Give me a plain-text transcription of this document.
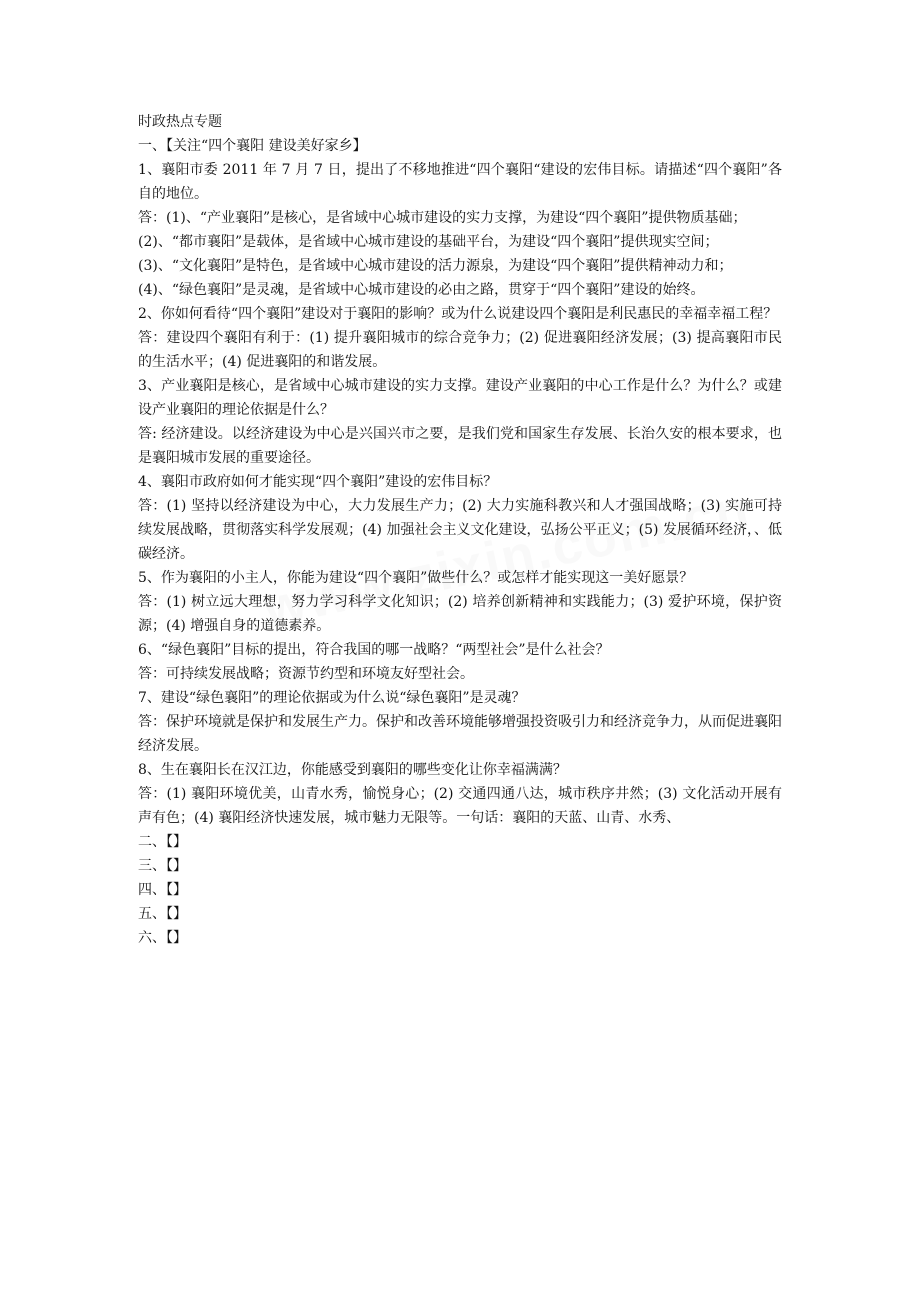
时政热点专题

一、【关注“四个襄阳 建设美好家乡】

1、襄阳市委 2011 年 7 月 7 日，提出了不移地推进“四个襄阳“建设的宏伟目标。请描述“四个襄阳”各自的地位。

答：(1)、“产业襄阳”是核心，是省域中心城市建设的实力支撑，为建设“四个襄阳”提供物质基础；

(2)、“都市襄阳”是载体，是省域中心城市建设的基础平台，为建设“四个襄阳”提供现实空间；

(3)、“文化襄阳”是特色，是省域中心城市建设的活力源泉，为建设“四个襄阳”提供精神动力和；

(4)、“绿色襄阳”是灵魂，是省域中心城市建设的必由之路，贯穿于“四个襄阳”建设的始终。

2、你如何看待“四个襄阳”建设对于襄阳的影响？或为什么说建设四个襄阳是利民惠民的幸福幸福工程？

答：建设四个襄阳有利于：(1) 提升襄阳城市的综合竞争力；(2) 促进襄阳经济发展；(3) 提高襄阳市民的生活水平；(4) 促进襄阳的和谐发展。

3、产业襄阳是核心，是省域中心城市建设的实力支撑。建设产业襄阳的中心工作是什么？为什么？或建设产业襄阳的理论依据是什么？

答: 经济建设。以经济建设为中心是兴国兴市之要，是我们党和国家生存发展、长治久安的根本要求，也是襄阳城市发展的重要途径。

4、襄阳市政府如何才能实现“四个襄阳”建设的宏伟目标？

答：(1) 坚持以经济建设为中心，大力发展生产力；(2) 大力实施科教兴和人才强国战略；(3) 实施可持续发展战略，贯彻落实科学发展观；(4) 加强社会主义文化建设，弘扬公平正义；(5) 发展循环经济，、低碳经济。

5、作为襄阳的小主人，你能为建设“四个襄阳”做些什么？或怎样才能实现这一美好愿景？

答：(1) 树立远大理想，努力学习科学文化知识；(2) 培养创新精神和实践能力；(3) 爱护环境，保护资源；(4) 增强自身的道德素养。

6、“绿色襄阳”目标的提出，符合我国的哪一战略？“两型社会”是什么社会？

答：可持续发展战略；资源节约型和环境友好型社会。

7、建设“绿色襄阳”的理论依据或为什么说“绿色襄阳”是灵魂？

答：保护环境就是保护和发展生产力。保护和改善环境能够增强投资吸引力和经济竞争力，从而促进襄阳经济发展。

8、生在襄阳长在汉江边，你能感受到襄阳的哪些变化让你幸福满满？

答：(1) 襄阳环境优美，山青水秀，愉悦身心；(2) 交通四通八达，城市秩序井然；(3) 文化活动开展有声有色；(4) 襄阳经济快速发展，城市魅力无限等。一句话：襄阳的天蓝、山青、水秀、

二、【】

三、【】

四、【】

五、【】

六、【】
